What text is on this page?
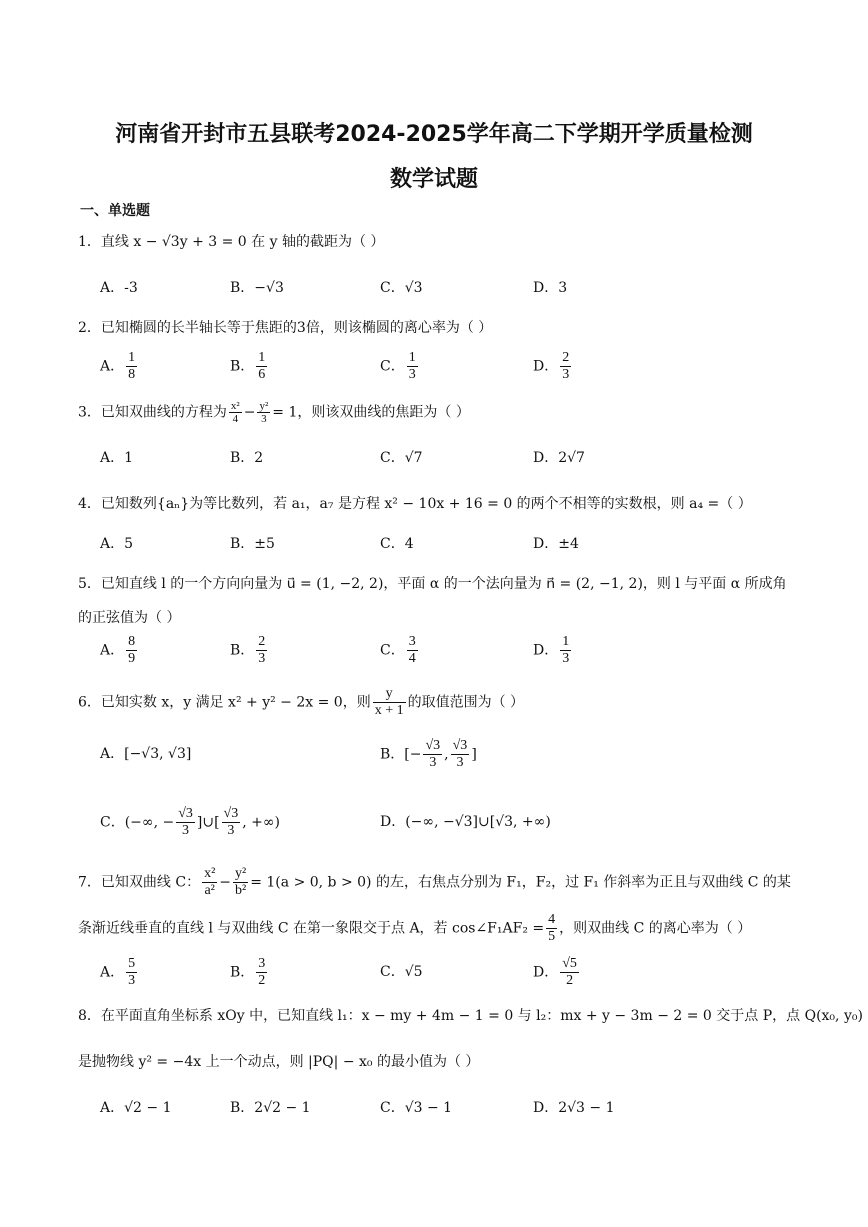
河南省开封市五县联考2024-2025学年高二下学期开学质量检测
数学试题
一、单选题
1．直线 x − √3y + 3 = 0 在 y 轴的截距为（ ）
A．-3	B．−√3	C．√3	D．3
2．已知椭圆的长半轴长等于焦距的3倍，则该椭圆的离心率为（ ）
A． $\frac{1}{8}$	B． $\frac{1}{6}$	C． $\frac{1}{3}$	D． $\frac{2}{3}$
3．已知双曲线的方程为 $\frac{\text{x²}}{4} - \frac{\text{y²}}{3} = 1$，则该双曲线的焦距为（ ）
A．1	B．2	C．√7	D．2√7
4．已知数列{aₙ}为等比数列，若 a₁，a₇ 是方程 x² − 10x + 16 = 0 的两个不相等的实数根，则 a₄ =（ ）
A．5	B．±5	C．4	D．±4
5．已知直线 l 的一个方向向量为 u⃗ = (1, −2, 2)，平面 α 的一个法向量为 n⃗ = (2, −1, 2)，则 l 与平面 α 所成角的正弦值为（ ）
A． $\frac{8}{9}$	B． $\frac{2}{3}$	C． $\frac{3}{4}$	D． $\frac{1}{3}$
6．已知实数 x，y 满足 x² + y² − 2x = 0，则 $\frac{y}{x + 1}$ 的取值范围为（ ）
A．[−√3, √3]	B．[− $\frac{√3}{3}$ , $\frac{√3}{3}$ ]
C．(−∞, − $\frac{√3}{3}$ ]∪[ $\frac{√3}{3}$ , +∞)	D．(−∞, −√3]∪[√3, +∞)
7．已知双曲线 C： $\frac{\text{x²}}{\text{a²}} - \frac{\text{y²}}{\text{b²}} = 1(a > 0$, b > 0) 的左，右焦点分别为 F₁，F₂，过 F₁ 作斜率为正且与双曲线 C 的某
条渐近线垂直的直线 l 与双曲线 C 在第一象限交于点 A，若 cos∠F₁AF₂ = $\frac{4}{5}$ ，则双曲线 C 的离心率为（ ）
A． $\frac{5}{3}$	B． $\frac{3}{2}$	C．√5	D． $\frac{√5}{2}$
8．在平面直角坐标系 xOy 中，已知直线 l₁：x − my + 4m − 1 = 0 与 l₂：mx + y − 3m − 2 = 0 交于点 P，点 Q(x₀, y₀)
是抛物线 y² = −4x 上一个动点，则 |PQ| − x₀ 的最小值为（ ）
A．√2 − 1	B．2√2 − 1	C．√3 − 1	D．2√3 − 1
